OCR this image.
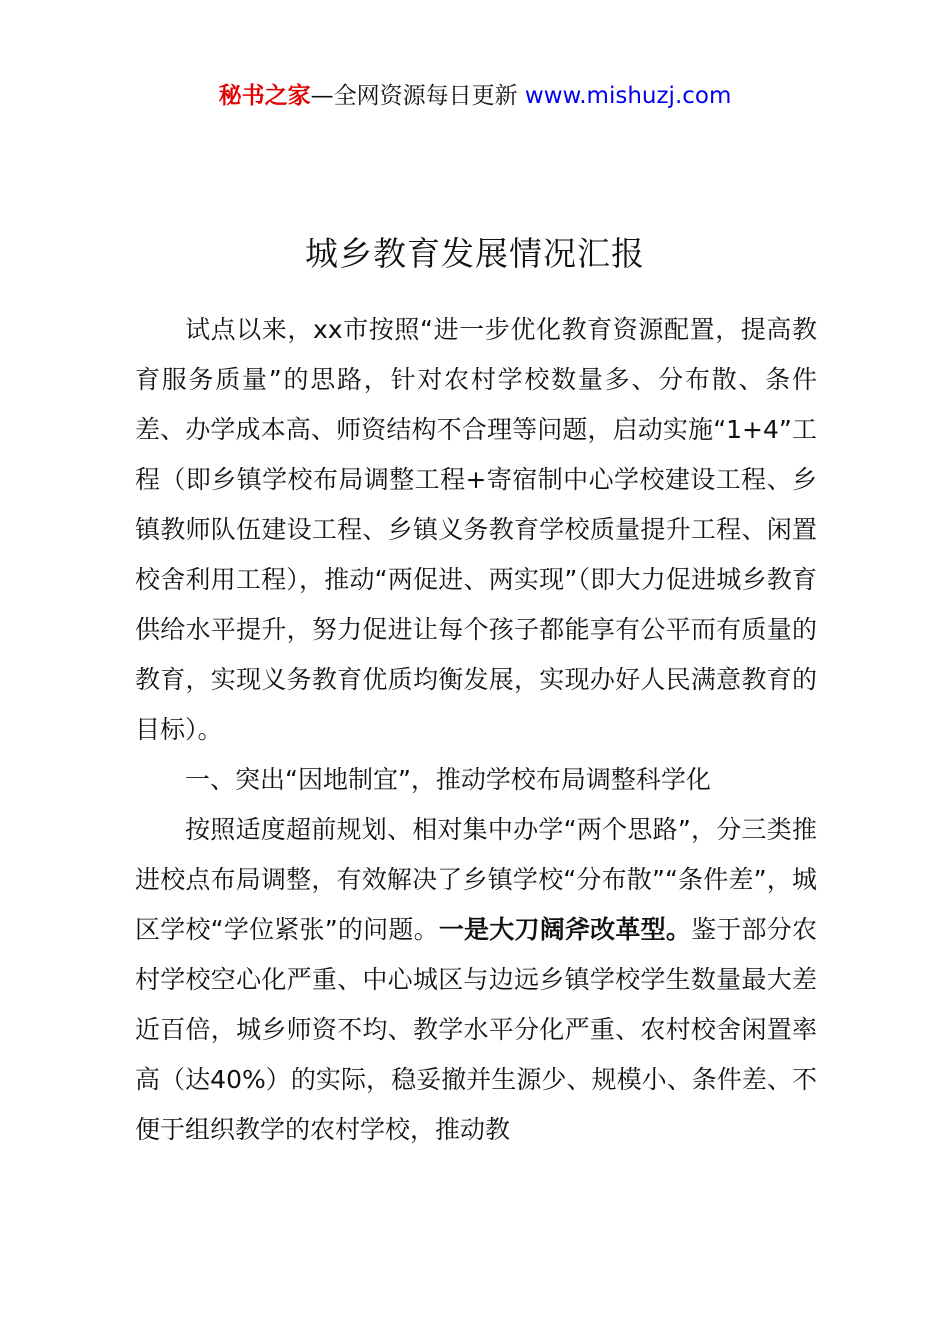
秘书之家—全网资源每日更新 www.mishuzj.com
城乡教育发展情况汇报

试点以来，xx市按照“进一步优化教育资源配置，提高教育服务质量”的思路，针对农村学校数量多、分布散、条件差、办学成本高、师资结构不合理等问题，启动实施“1+4”工程（即乡镇学校布局调整工程+寄宿制中心学校建设工程、乡镇教师队伍建设工程、乡镇义务教育学校质量提升工程、闲置校舍利用工程），推动“两促进、两实现”（即大力促进城乡教育供给水平提升，努力促进让每个孩子都能享有公平而有质量的教育，实现义务教育优质均衡发展，实现办好人民满意教育的目标）。

一、突出“因地制宜”，推动学校布局调整科学化

按照适度超前规划、相对集中办学“两个思路”，分三类推进校点布局调整，有效解决了乡镇学校“分布散”“条件差”，城区学校“学位紧张”的问题。一是大刀阔斧改革型。鉴于部分农村学校空心化严重、中心城区与边远乡镇学校学生数量最大差近百倍，城乡师资不均、教学水平分化严重、农村校舍闲置率高（达40%）的实际，稳妥撤并生源少、规模小、条件差、不便于组织教学的农村学校，推动教
